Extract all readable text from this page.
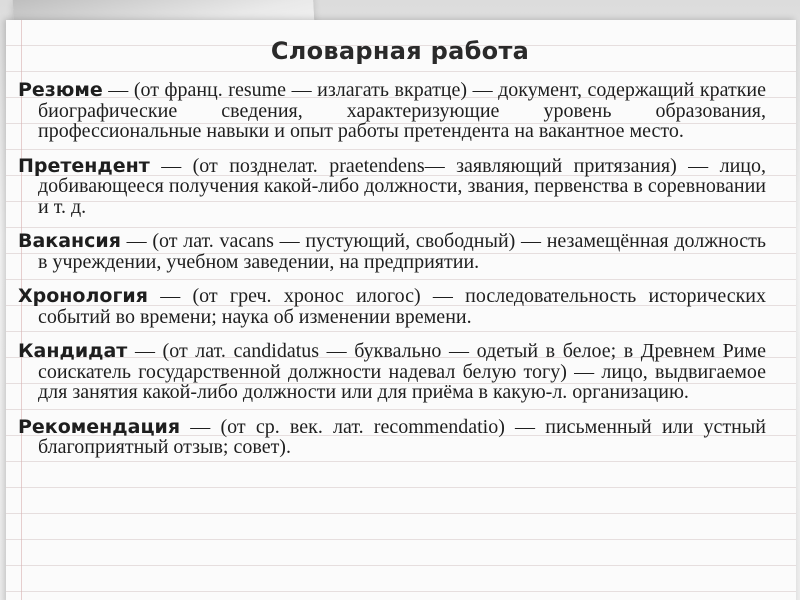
Словарная работа

Резюме — (от франц. resume — излагать вкратце) — документ, содержащий краткие биографические сведения, характеризующие уровень образования, профессиональные навыки и опыт работы претендента на вакантное место.

Претендент — (от позднелат. praetendens— заявляющий притязания) — лицо, добивающееся получения какой-либо должности, звания, первенства в соревновании и т. д.

Вакансия — (от лат. vacans — пустующий, свободный) — незамещённая должность в учреждении, учебном заведении, на предприятии.

Хронология — (от греч. хронос илогос) — последовательность исторических событий во времени; наука об изменении времени.

Кандидат — (от лат. candidatus — буквально — одетый в белое; в Древнем Риме соискатель государственной должности надевал белую тогу) — лицо, выдвигаемое для занятия какой-либо должности или для приёма в какую-л. организацию.

Рекомендация — (от ср. век. лат. recommendatio) — письменный или устный благоприятный отзыв; совет).
